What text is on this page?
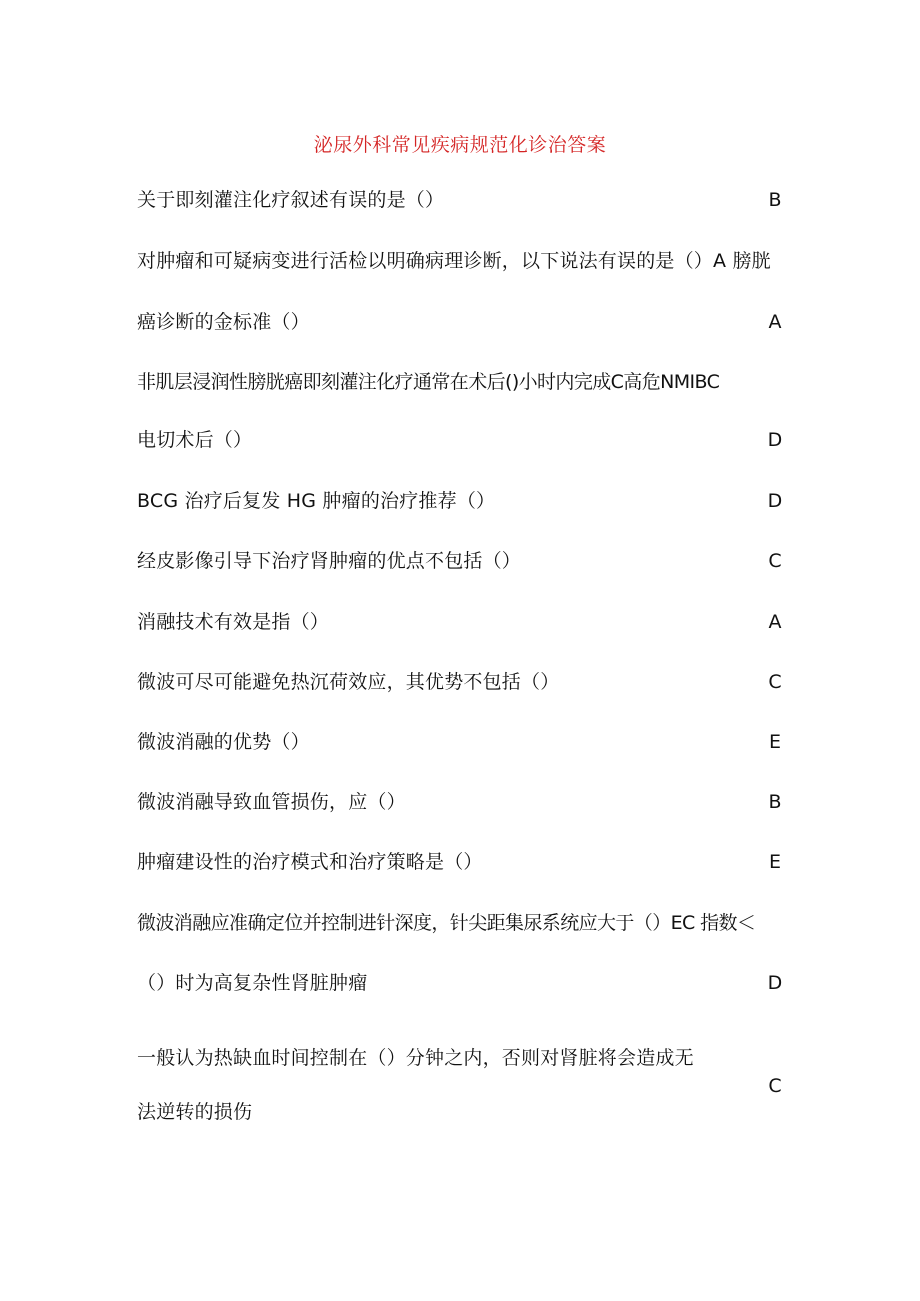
泌尿外科常见疾病规范化诊治答案
关于即刻灌注化疗叙述有误的是（）	B
对肿瘤和可疑病变进行活检以明确病理诊断，以下说法有误的是（）A 膀胱
癌诊断的金标准（）	A
非肌层浸润性膀胱癌即刻灌注化疗通常在术后()小时内完成C高危NMIBC
电切术后（）	D
BCG 治疗后复发 HG 肿瘤的治疗推荐（）	D
经皮影像引导下治疗肾肿瘤的优点不包括（）	C
消融技术有效是指（）	A
微波可尽可能避免热沉荷效应，其优势不包括（）	C
微波消融的优势（）	E
微波消融导致血管损伤，应（）	B
肿瘤建设性的治疗模式和治疗策略是（）	E
微波消融应准确定位并控制进针深度，针尖距集尿系统应大于（）EC 指数＜
（）时为高复杂性肾脏肿瘤	D
一般认为热缺血时间控制在（）分钟之内，否则对肾脏将会造成无
法逆转的损伤
C
